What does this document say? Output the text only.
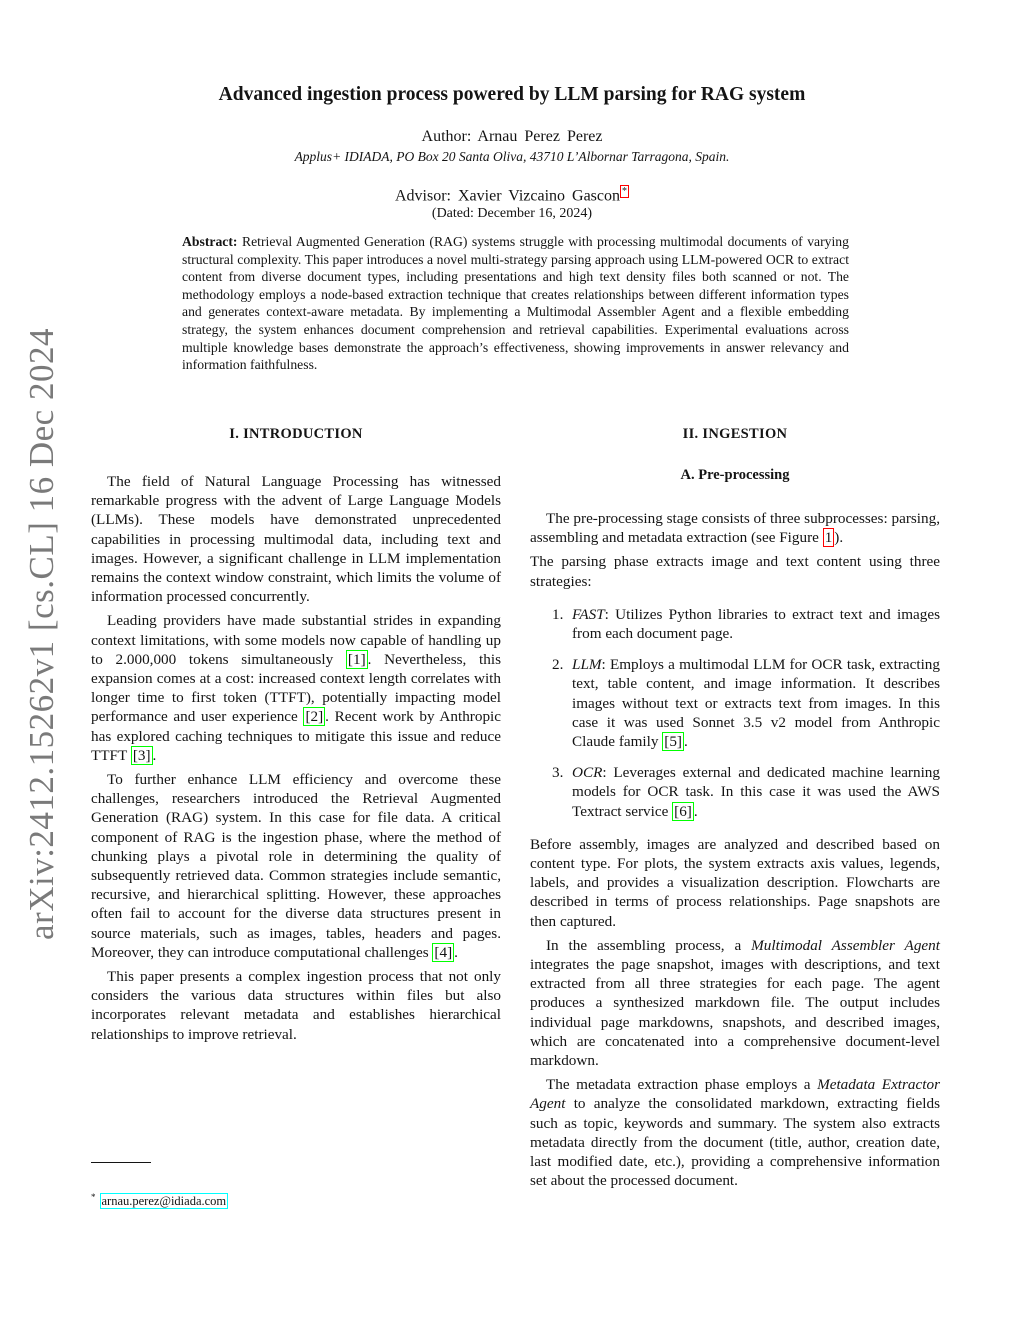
arXiv:2412.15262v1 [cs.CL] 16 Dec 2024
Advanced ingestion process powered by LLM parsing for RAG system
Author: Arnau Perez Perez
Applus+ IDIADA, PO Box 20 Santa Oliva, 43710 L’Albornar Tarragona, Spain.
Advisor: Xavier Vizcaino Gascon *
(Dated: December 16, 2024)
Abstract: Retrieval Augmented Generation (RAG) systems struggle with processing multimodal documents of varying structural complexity. This paper introduces a novel multi-strategy parsing approach using LLM-powered OCR to extract content from diverse document types, including presentations and high text density files both scanned or not. The methodology employs a node-based extraction technique that creates relationships between different information types and generates context-aware metadata. By implementing a Multimodal Assembler Agent and a flexible embedding strategy, the system enhances document comprehension and retrieval capabilities. Experimental evaluations across multiple knowledge bases demonstrate the approach’s effectiveness, showing improvements in answer relevancy and information faithfulness.
I. INTRODUCTION

The field of Natural Language Processing has witnessed remarkable progress with the advent of Large Language Models (LLMs). These models have demonstrated unprecedented capabilities in processing multimodal data, including text and images. However, a significant challenge in LLM implementation remains the context window constraint, which limits the volume of information processed concurrently.

Leading providers have made substantial strides in expanding context limitations, with some models now capable of handling up to 2.000,000 tokens simultaneously [1] . Nevertheless, this expansion comes at a cost: increased context length correlates with longer time to first token (TTFT), potentially impacting model performance and user experience [2] . Recent work by Anthropic has explored caching techniques to mitigate this issue and reduce TTFT [3] .

To further enhance LLM efficiency and overcome these challenges, researchers introduced the Retrieval Augmented Generation (RAG) system. In this case for file data. A critical component of RAG is the ingestion phase, where the method of chunking plays a pivotal role in determining the quality of subsequently retrieved data. Common strategies include semantic, recursive, and hierarchical splitting. However, these approaches often fail to account for the diverse data structures present in source materials, such as images, tables, headers and pages. Moreover, they can introduce computational challenges [4] .

This paper presents a complex ingestion process that not only considers the various data structures within files but also incorporates relevant metadata and establishes hierarchical relationships to improve retrieval.

II. INGESTION
A. Pre-processing

The pre-processing stage consists of three subprocesses: parsing, assembling and metadata extraction (see Figure 1 ).

The parsing phase extracts image and text content using three strategies:

1. FAST: Utilizes Python libraries to extract text and images from each document page.
2. LLM: Employs a multimodal LLM for OCR task, extracting text, table content, and image information. It describes images without text or extracts text from images. In this case it was used Sonnet 3.5 v2 model from Anthropic Claude family [5] .
3. OCR: Leverages external and dedicated machine learning models for OCR task. In this case it was used the AWS Textract service [6] .

Before assembly, images are analyzed and described based on content type. For plots, the system extracts axis values, legends, labels, and provides a visualization description. Flowcharts are described in terms of process relationships. Page snapshots are then captured.

In the assembling process, a Multimodal Assembler Agent integrates the page snapshot, images with descriptions, and text extracted from all three strategies for each page. The agent produces a synthesized markdown file. The output includes individual page markdowns, snapshots, and described images, which are concatenated into a comprehensive document-level markdown.

The metadata extraction phase employs a Metadata Extractor Agent to analyze the consolidated markdown, extracting fields such as topic, keywords and summary. The system also extracts metadata directly from the document (title, author, creation date, last modified date, etc.), providing a comprehensive information set about the processed document.

* arnau.perez@idiada.com
